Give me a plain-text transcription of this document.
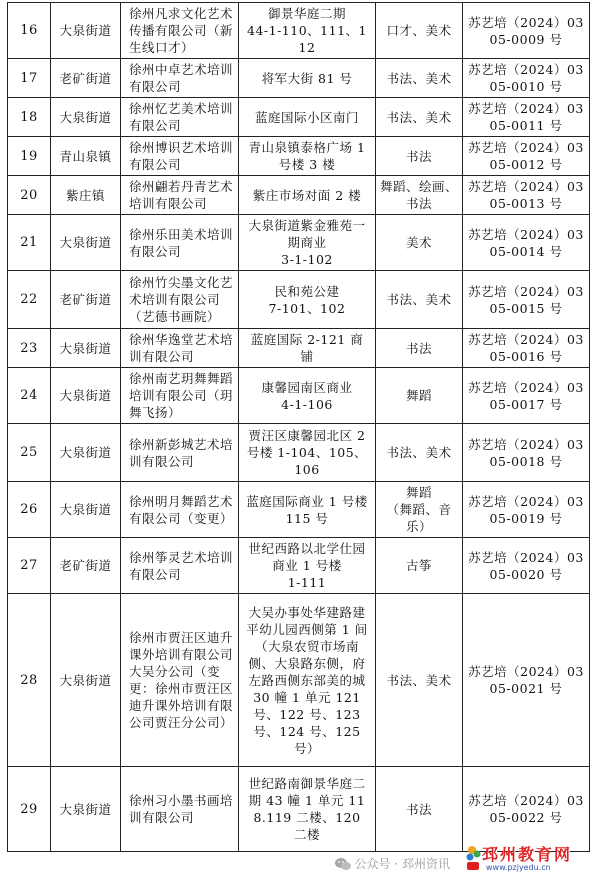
16	大泉街道	徐州凡求文化艺术传播有限公司（新生线口才）	御景华庭二期
44-1-110、111、112	口才、美术	苏艺培（2024）0305-0009 号
17	老矿街道	徐州中卓艺术培训有限公司	将军大街 81 号	书法、美术	苏艺培（2024）0305-0010 号
18	大泉街道	徐州忆艺美术培训有限公司	蓝庭国际小区南门	书法、美术	苏艺培（2024）0305-0011 号
19	青山泉镇	徐州博识艺术培训有限公司	青山泉镇泰格广场 1 号楼 3 楼	书法	苏艺培（2024）0305-0012 号
20	紫庄镇	徐州翩若丹青艺术培训有限公司	紫庄市场对面 2 楼	舞蹈、绘画、书法	苏艺培（2024）0305-0013 号
21	大泉街道	徐州乐田美术培训有限公司	大泉街道紫金雅苑一期商业
3-1-102	美术	苏艺培（2024）0305-0014 号
22	老矿街道	徐州竹尖墨文化艺术培训有限公司（艺德书画院）	民和苑公建
7-101、102	书法、美术	苏艺培（2024）0305-0015 号
23	大泉街道	徐州华逸堂艺术培训有限公司	蓝庭国际 2-121 商铺	书法	苏艺培（2024）0305-0016 号
24	大泉街道	徐州南艺玥舞舞蹈培训有限公司（玥舞飞扬）	康馨园南区商业
4-1-106	舞蹈	苏艺培（2024）0305-0017 号
25	大泉街道	徐州新彭城艺术培训有限公司	贾汪区康馨园北区 2 号楼 1-104、105、106	书法、美术	苏艺培（2024）0305-0018 号
26	大泉街道	徐州明月舞蹈艺术有限公司（变更）	蓝庭国际商业 1 号楼 115 号	舞蹈
（舞蹈、音乐）	苏艺培（2024）0305-0019 号
27	老矿街道	徐州筝灵艺术培训有限公司	世纪西路以北学仕园商业 1 号楼
1-111	古筝	苏艺培（2024）0305-0020 号
28	大泉街道	徐州市贾汪区迪升课外培训有限公司大吴分公司（变更：徐州市贾汪区迪升课外培训有限公司贾汪分公司）	大吴办事处华建路建平幼儿园西侧第 1 间（大泉农贸市场南侧、大泉路东侧，府左路西侧东部美的城 30 幢 1 单元 121 号、122 号、123 号、124 号、125 号）	书法、美术	苏艺培（2024）0305-0021 号
29	大泉街道	徐州习小墨书画培训有限公司	世纪路南御景华庭二期 43 幢 1 单元 118.119 二楼、120 二楼	书法	苏艺培（2024）0305-0022 号
公众号 · 邳州资讯 邳州教育网
www.pzjyedu.cn
